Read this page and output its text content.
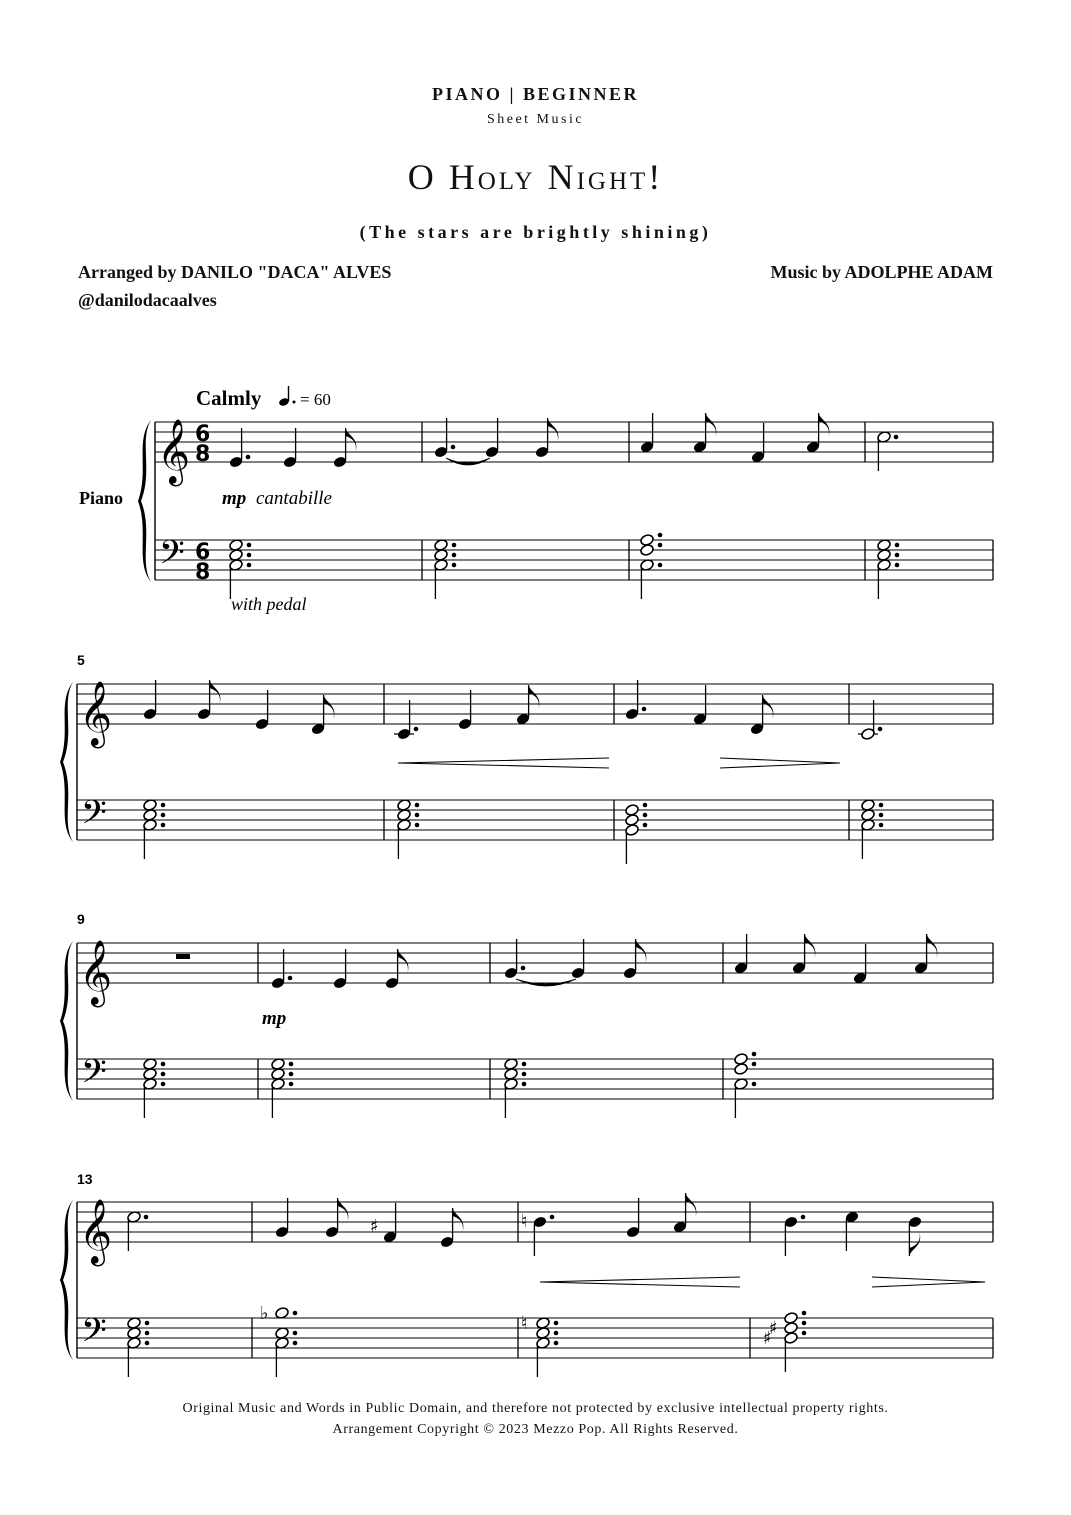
PIANO | BEGINNER
Sheet Music
O Holy Night!
(The stars are brightly shining)
Arranged by DANILO "DACA" ALVES
@danilodacaalves
Music by ADOLPHE ADAM
Calmly = 60
Piano
with pedal
mp cantabille
mp
5
9
13
𝄞
𝄢
6
8
6
8
𝄞
𝄢
𝄞
𝄢
𝄞
𝄢
♯	♮
♭	♮
♯
♯
Original Music and Words in Public Domain, and therefore not protected by exclusive intellectual property rights.
Arrangement Copyright © 2023 Mezzo Pop. All Rights Reserved.
